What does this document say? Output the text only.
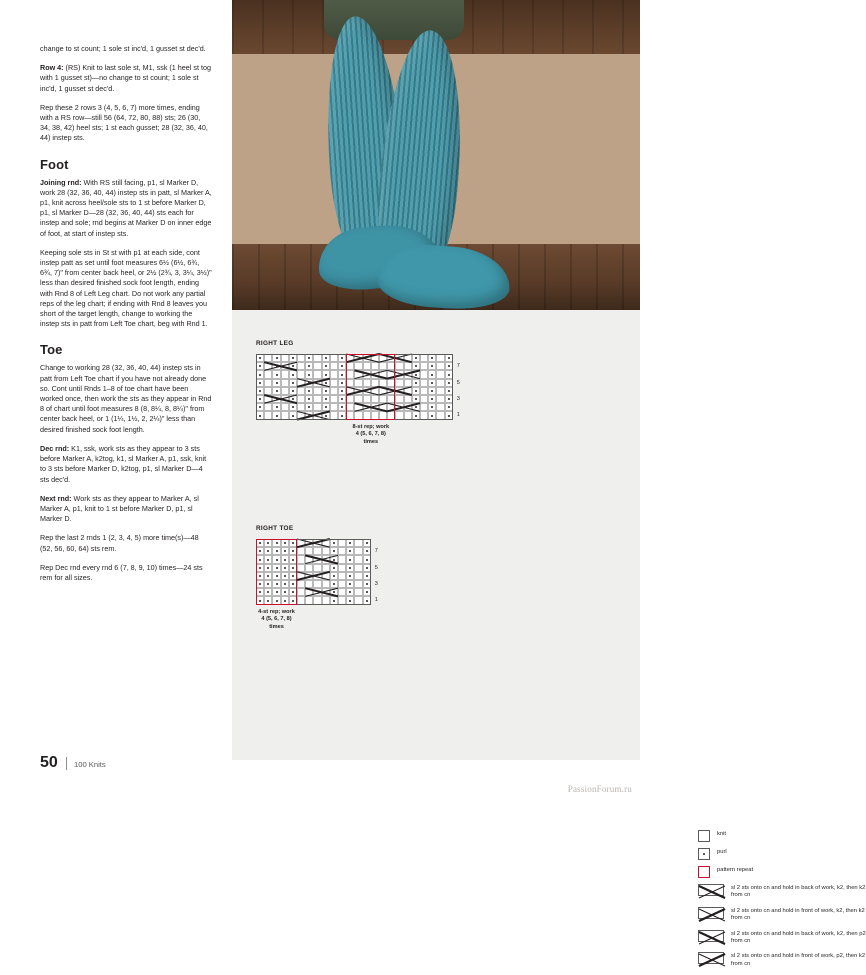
change to st count; 1 sole st inc'd, 1 gusset st dec'd.

Row 4: (RS) Knit to last sole st, M1, ssk (1 heel st tog with 1 gusset st)—no change to st count; 1 sole st inc'd, 1 gusset st dec'd.

Rep these 2 rows 3 (4, 5, 6, 7) more times, ending with a RS row—still 56 (64, 72, 80, 88) sts; 26 (30, 34, 38, 42) heel sts; 1 st each gusset; 28 (32, 36, 40, 44) instep sts.

Foot

Joining rnd: With RS still facing, p1, sl Marker D, work 28 (32, 36, 40, 44) instep sts in patt, sl Marker A, p1, knit across heel/sole sts to 1 st before Marker D, p1, sl Marker D—28 (32, 36, 40, 44) sts each for instep and sole; rnd begins at Marker D on inner edge of foot, at start of instep sts.

Keeping sole sts in St st with p1 at each side, cont instep patt as set until foot measures 6½ (6½, 6¾, 6¾, 7)" from center back heel, or 2½ (2¾, 3, 3¼, 3½)" less than desired finished sock foot length, ending with Rnd 8 of Left Leg chart. Do not work any partial reps of the leg chart; if ending with Rnd 8 leaves you short of the target length, change to working the instep sts in patt from Left Toe chart, beg with Rnd 1.

Toe

Change to working 28 (32, 36, 40, 44) instep sts in patt from Left Toe chart if you have not already done so. Cont until Rnds 1–8 of toe chart have been worked once, then work the sts as they appear in Rnd 8 of chart until foot measures 8 (8, 8¼, 8, 8¼)" from center back heel, or 1 (1¼, 1½, 2, 2¼)" less than desired finished sock foot length.

Dec rnd: K1, ssk, work sts as they appear to 3 sts before Marker A, k2tog, k1, sl Marker A, p1, ssk, knit to 3 sts before Marker D, k2tog, p1, sl Marker D—4 sts dec'd.

Next rnd: Work sts as they appear to Marker A, sl Marker A, p1, knit to 1 st before Marker D, p1, sl Marker D.

Rep the last 2 rnds 1 (2, 3, 4, 5) more time(s)—48 (52, 56, 60, 64) sts rem.

Rep Dec rnd every rnd 6 (7, 8, 9, 10) times—24 sts rem for all sizes.

RIGHT LEG
7
5
3
1
8-st rep; work
4 (5, 6, 7, 8)
times
RIGHT TOE
7
5
3
1
4-st rep; work
4 (5, 6, 7, 8)
times
knit
purl
pattern repeat
sl 2 sts onto cn and hold in back of work, k2, then k2 from cn
sl 2 sts onto cn and hold in front of work, k2, then k2 from cn
sl 2 sts onto cn and hold in back of work, k2, then p2 from cn
sl 2 sts onto cn and hold in front of work, p2, then k2 from cn
50 100 Knits
PassionForum.ru
